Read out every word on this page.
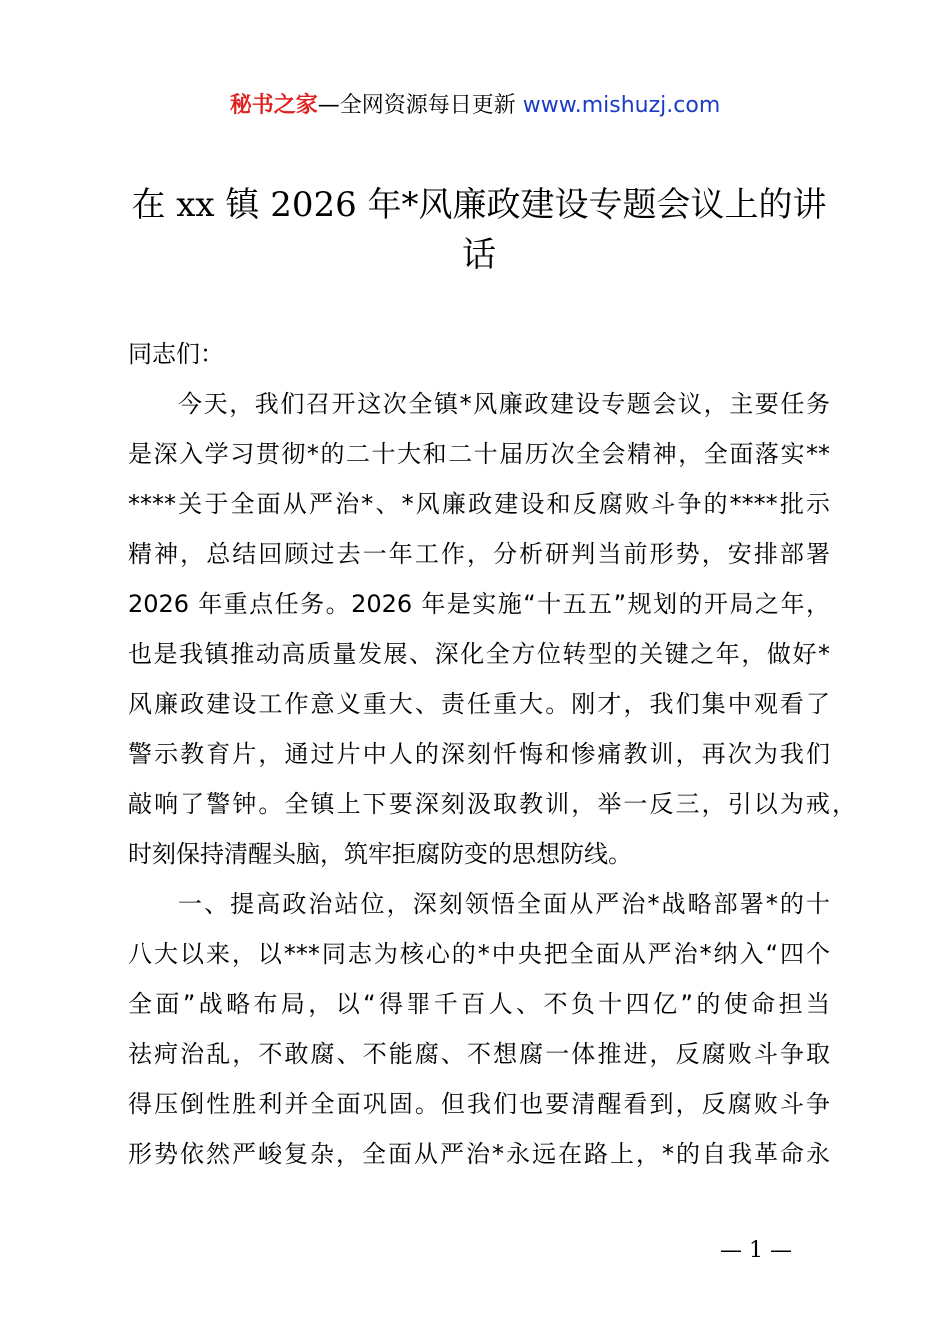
秘书之家—全网资源每日更新 www.mishuzj.com
在 xx 镇 2026 年*风廉政建设专题会议上的讲
话
同志们：
今天，我们召开这次全镇*风廉政建设专题会议，主要任务
是深入学习贯彻*的二十大和二十届历次全会精神，全面落实**
****关于全面从严治*、*风廉政建设和反腐败斗争的****批示
精神，总结回顾过去一年工作，分析研判当前形势，安排部署
2026 年重点任务。2026 年是实施“十五五”规划的开局之年，
也是我镇推动高质量发展、深化全方位转型的关键之年，做好*
风廉政建设工作意义重大、责任重大。刚才，我们集中观看了
警示教育片，通过片中人的深刻忏悔和惨痛教训，再次为我们
敲响了警钟。全镇上下要深刻汲取教训，举一反三，引以为戒，
时刻保持清醒头脑，筑牢拒腐防变的思想防线。
一、提高政治站位，深刻领悟全面从严治*战略部署*的十
八大以来，以***同志为核心的*中央把全面从严治*纳入“四个
全面”战略布局，以“得罪千百人、不负十四亿”的使命担当
祛疴治乱，不敢腐、不能腐、不想腐一体推进，反腐败斗争取
得压倒性胜利并全面巩固。但我们也要清醒看到，反腐败斗争
形势依然严峻复杂，全面从严治*永远在路上，*的自我革命永
— 1 —
